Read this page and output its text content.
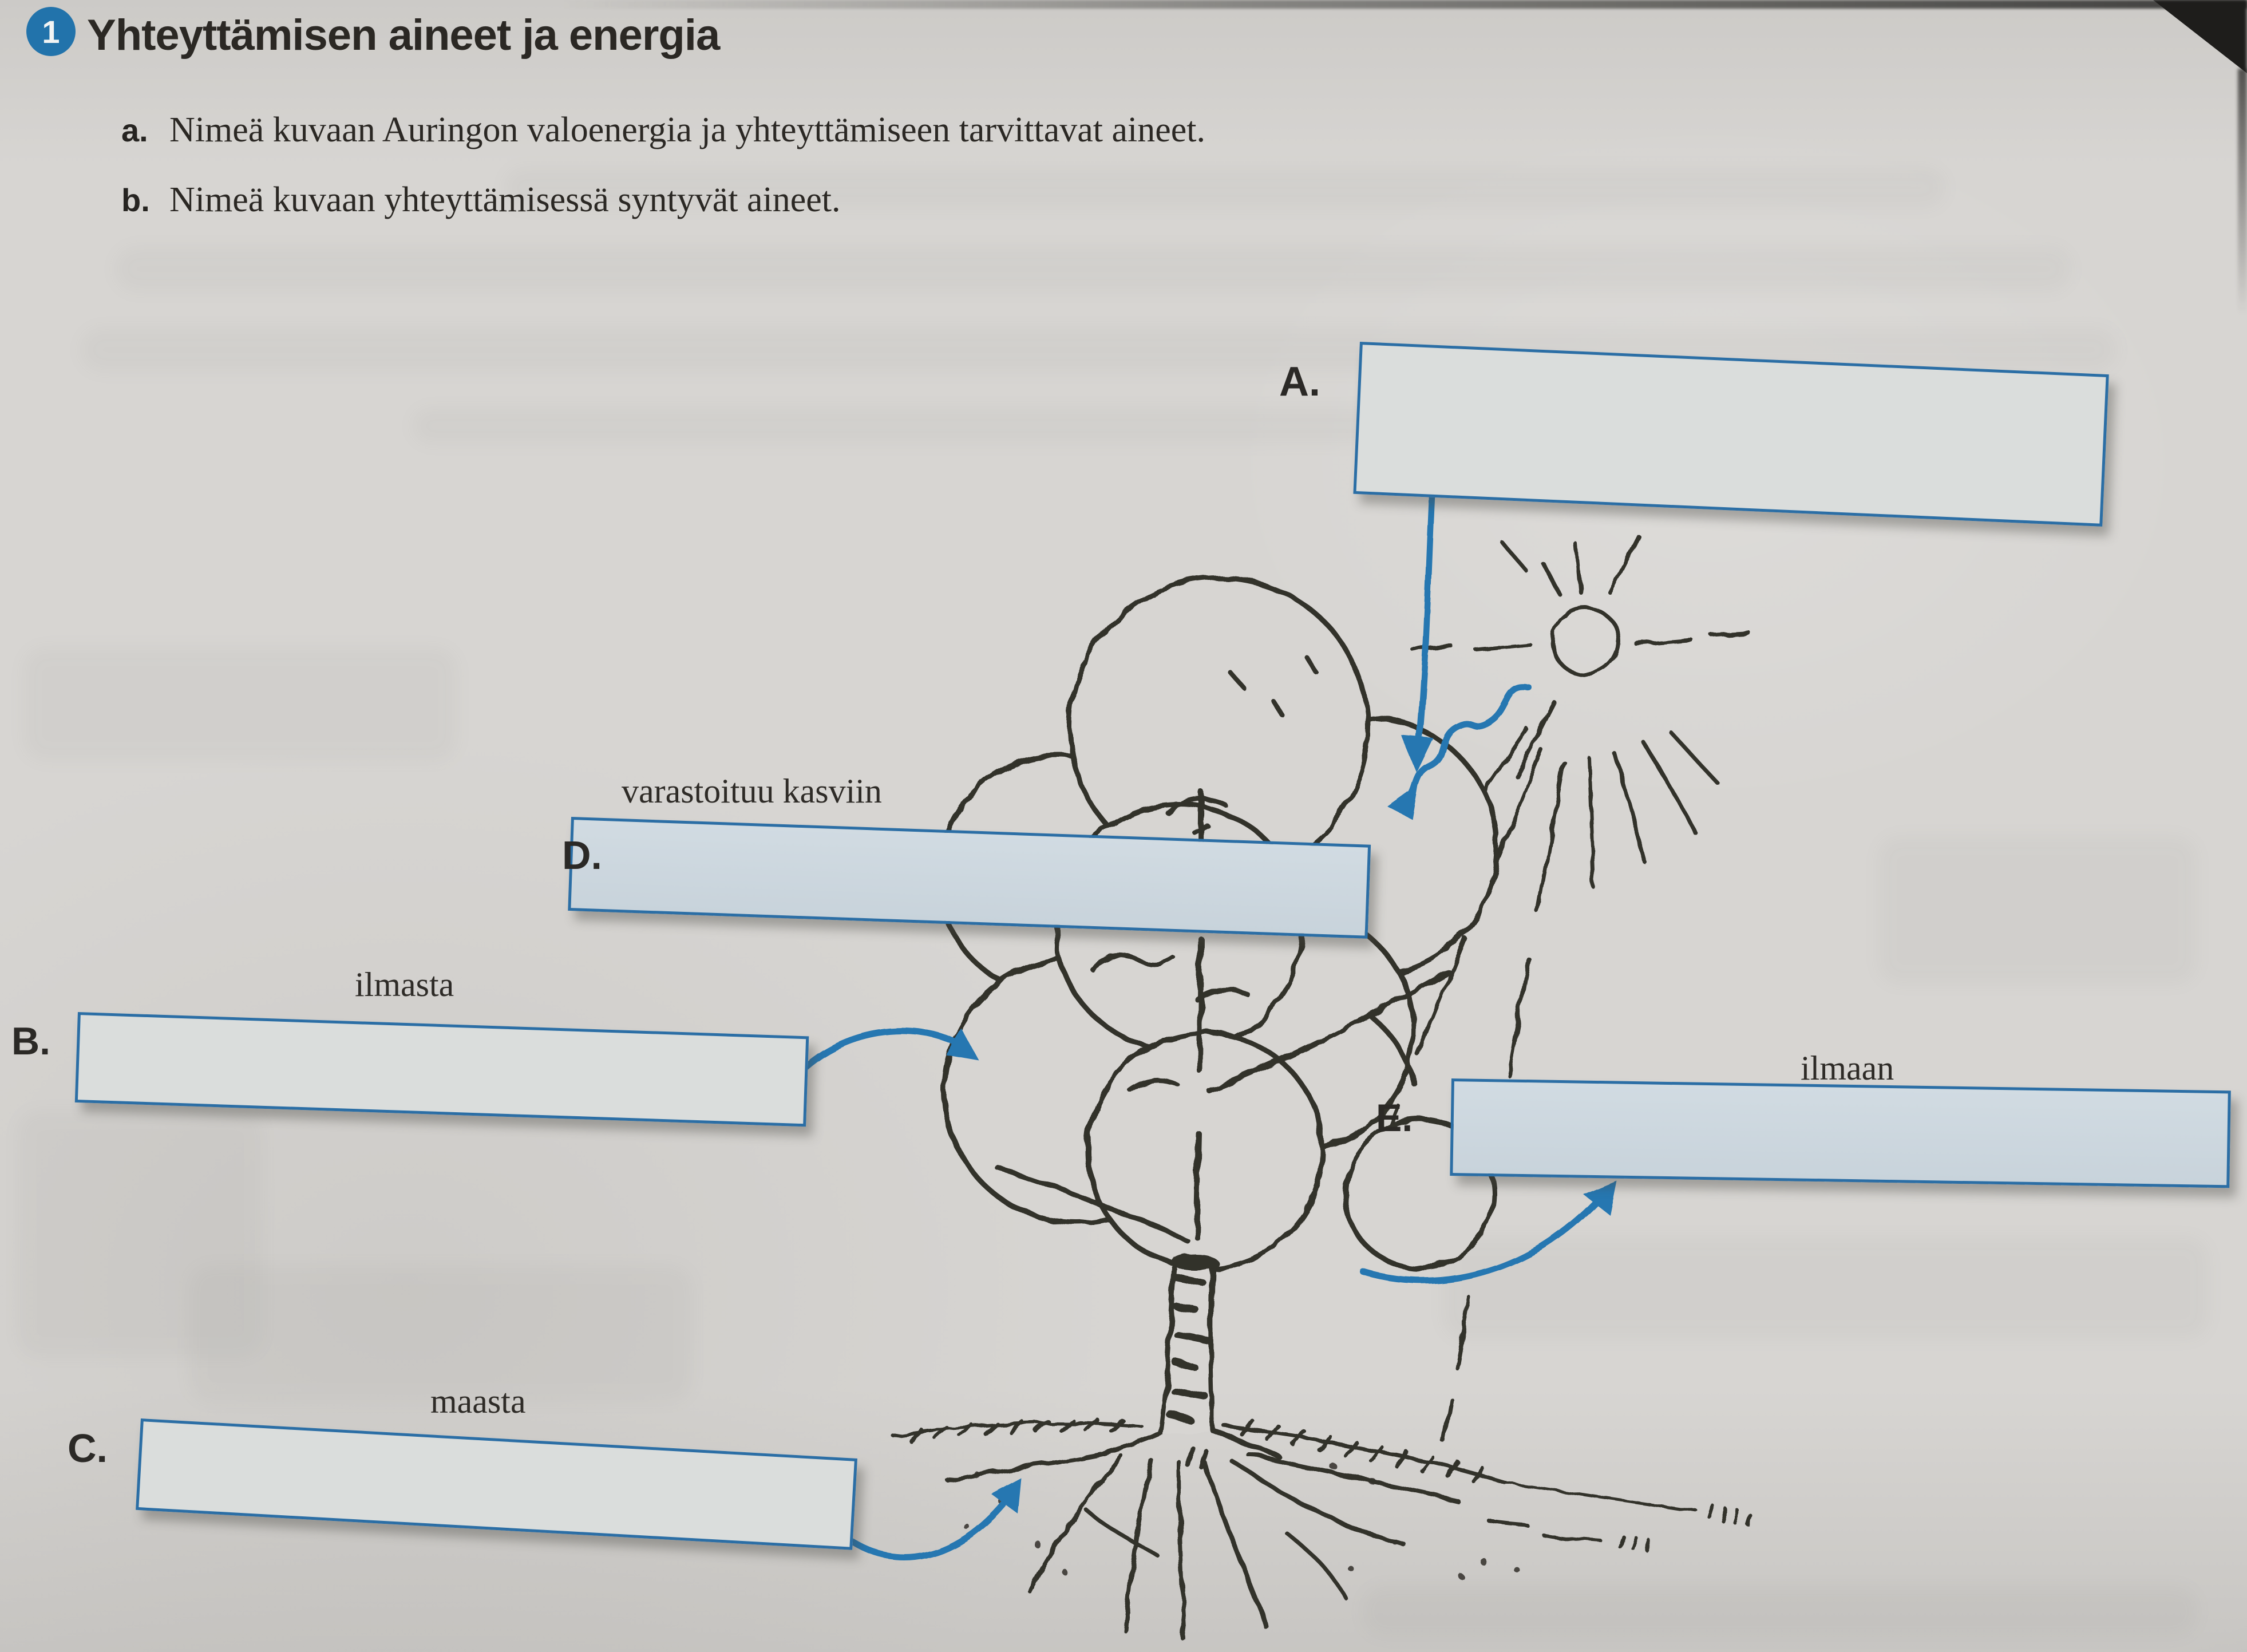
1 Yhteyttämisen aineet ja energia
a. Nimeä kuvaan Auringon valoenergia ja yhteyttämiseen tarvittavat aineet.
b. Nimeä kuvaan yhteyttämisessä syntyvät aineet.
A.
B.
C.
D.
E.
varastoituu kasviin
ilmasta
ilmaan
maasta
